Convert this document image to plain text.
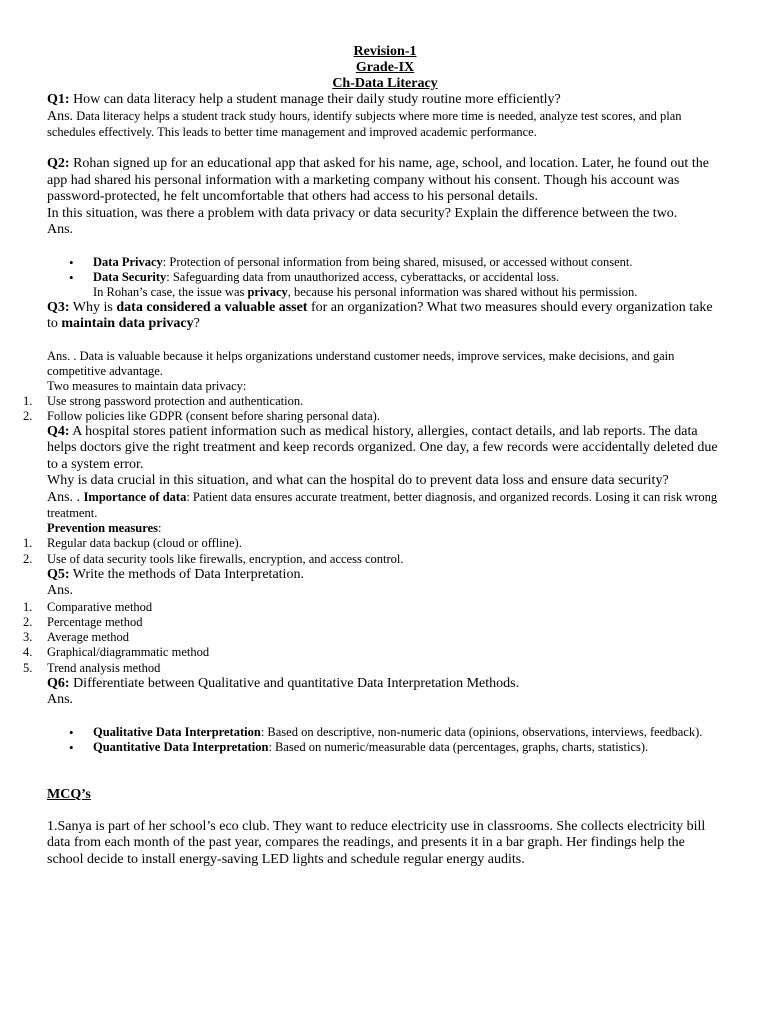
Revision-1
Grade-IX
Ch-Data Literacy
Q1: How can data literacy help a student manage their daily study routine more efficiently?
Ans. Data literacy helps a student track study hours, identify subjects where more time is needed, analyze test scores, and plan schedules effectively. This leads to better time management and improved academic performance.
Q2: Rohan signed up for an educational app that asked for his name, age, school, and location. Later, he found out the app had shared his personal information with a marketing company without his consent. Though his account was password-protected, he felt uncomfortable that others had access to his personal details.
In this situation, was there a problem with data privacy or data security? Explain the difference between the two.
Ans.
• Data Privacy: Protection of personal information from being shared, misused, or accessed without consent.
• Data Security: Safeguarding data from unauthorized access, cyberattacks, or accidental loss.
In Rohan’s case, the issue was privacy, because his personal information was shared without his permission.
Q3: Why is data considered a valuable asset for an organization? What two measures should every organization take to maintain data privacy?
Ans. . Data is valuable because it helps organizations understand customer needs, improve services, make decisions, and gain competitive advantage.
Two measures to maintain data privacy:
1. Use strong password protection and authentication.
2. Follow policies like GDPR (consent before sharing personal data).
Q4: A hospital stores patient information such as medical history, allergies, contact details, and lab reports. The data helps doctors give the right treatment and keep records organized. One day, a few records were accidentally deleted due to a system error.
Why is data crucial in this situation, and what can the hospital do to prevent data loss and ensure data security?
Ans. . Importance of data: Patient data ensures accurate treatment, better diagnosis, and organized records. Losing it can risk wrong treatment.
Prevention measures:
1. Regular data backup (cloud or offline).
2. Use of data security tools like firewalls, encryption, and access control.
Q5: Write the methods of Data Interpretation.
Ans.
1. Comparative method
2. Percentage method
3. Average method
4. Graphical/diagrammatic method
5. Trend analysis method
Q6: Differentiate between Qualitative and quantitative Data Interpretation Methods.
Ans.
• Qualitative Data Interpretation: Based on descriptive, non-numeric data (opinions, observations, interviews, feedback).
• Quantitative Data Interpretation: Based on numeric/measurable data (percentages, graphs, charts, statistics).
MCQ’s
1.Sanya is part of her school’s eco club. They want to reduce electricity use in classrooms. She collects electricity bill data from each month of the past year, compares the readings, and presents it in a bar graph. Her findings help the school decide to install energy-saving LED lights and schedule regular energy audits.
